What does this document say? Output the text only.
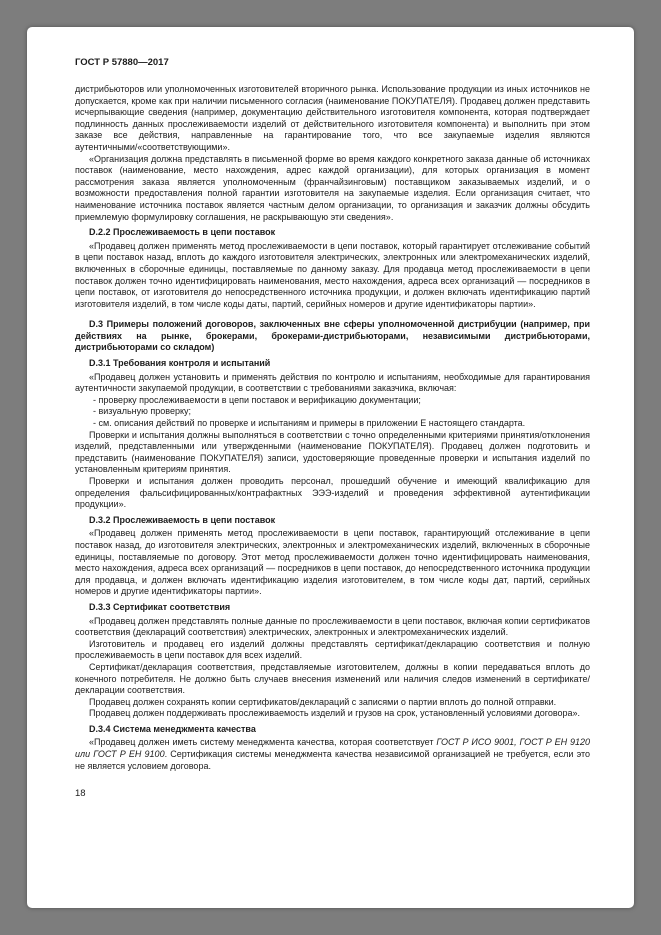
ГОСТ Р 57880—2017

дистрибьюторов или уполномоченных изготовителей вторичного рынка. Использование продукции из иных источников не допускается, кроме как при наличии письменного согласия (наименование ПОКУПАТЕЛЯ). Продавец должен представить исчерпывающие сведения (например, документацию действительного изготовителя компонента, которая подтверждает подлинность данных прослеживаемости изделий от действительного изготовителя компонента) и выполнить при этом заказе все действия, направленные на гарантирование того, что все закупаемые изделия являются аутентичными/«соответствующими».

«Организация должна представлять в письменной форме во время каждого конкретного заказа данные об источниках поставок (наименование, место нахождения, адрес каждой организации), для которых организация в момент рассмотрения заказа является уполномоченным (франчайзинговым) поставщиком заказываемых изделий, и о возможности предоставления полной гарантии изготовителя на закупаемые изделия. Если организация считает, что наименование источника поставок является частным делом организации, то организация и заказчик должны обсудить приемлемую формулировку соглашения, не раскрывающую эти сведения».

D.2.2 Прослеживаемость в цепи поставок

«Продавец должен применять метод прослеживаемости в цепи поставок, который гарантирует отслеживание событий в цепи поставок назад, вплоть до каждого изготовителя электрических, электронных или электромеханических изделий, включенных в сборочные единицы, поставляемые по данному заказу. Для продавца метод прослеживаемости в цепи поставок должен точно идентифицировать наименования, место нахождения, адреса всех организаций — посредников в цепи поставок, от изготовителя до непосредственного источника продукции, и должен включать идентификацию партий изготовителя изделий, в том числе коды даты, партий, серийных номеров и другие идентификаторы партии».

D.3 Примеры положений договоров, заключенных вне сферы уполномоченной дистрибуции (например, при действиях на рынке, брокерами, брокерами-дистрибьюторами, независимыми дистрибьюторами, дистрибьюторами со складом)

D.3.1 Требования контроля и испытаний

«Продавец должен установить и применять действия по контролю и испытаниям, необходимые для гарантирования аутентичности закупаемой продукции, в соответствии с требованиями заказчика, включая:

- проверку прослеживаемости в цепи поставок и верификацию документации;

- визуальную проверку;

- см. описания действий по проверке и испытаниям и примеры в приложении Е настоящего стандарта.

Проверки и испытания должны выполняться в соответствии с точно определенными критериями принятия/отклонения изделий, представленными или утвержденными (наименование ПОКУПАТЕЛЯ). Продавец должен подготовить и представить (наименование ПОКУПАТЕЛЯ) записи, удостоверяющие проведенные проверки и испытания изделий по установленным критериям принятия.

Проверки и испытания должен проводить персонал, прошедший обучение и имеющий квалификацию для определения фальсифицированных/контрафактных ЭЭЭ-изделий и проведения эффективной аутентификации продукции».

D.3.2 Прослеживаемость в цепи поставок

«Продавец должен применять метод прослеживаемости в цепи поставок, гарантирующий отслеживание в цепи поставок назад, до изготовителя электрических, электронных и электромеханических изделий, включенных в сборочные единицы, поставляемые по договору. Этот метод прослеживаемости должен точно идентифицировать наименования, место нахождения, адреса всех организаций — посредников в цепи поставок, до непосредственного источника продукции для продавца, и должен включать идентификацию изделия изготовителем, в том числе коды дат, партий, серийных номеров и другие идентификаторы партии».

D.3.3 Сертификат соответствия

«Продавец должен представлять полные данные по прослеживаемости в цепи поставок, включая копии сертификатов соответствия (деклараций соответствия) электрических, электронных и электромеханических изделий.

Изготовитель и продавец его изделий должны представлять сертификат/декларацию соответствия и полную прослеживаемость в цепи поставок для всех изделий.

Сертификат/декларация соответствия, представляемые изготовителем, должны в копии передаваться вплоть до конечного потребителя. Не должно быть случаев внесения изменений или наличия следов изменений в сертификате/декларации соответствия.

Продавец должен сохранять копии сертификатов/деклараций с записями о партии вплоть до полной отправки.

Продавец должен поддерживать прослеживаемость изделий и грузов на срок, установленный условиями договора».

D.3.4 Система менеджмента качества

«Продавец должен иметь систему менеджмента качества, которая соответствует ГОСТ Р ИСО 9001, ГОСТ Р ЕН 9120 или ГОСТ Р ЕН 9100. Сертификация системы менеджмента качества независимой организацией не требуется, если это не является условием договора.

18
